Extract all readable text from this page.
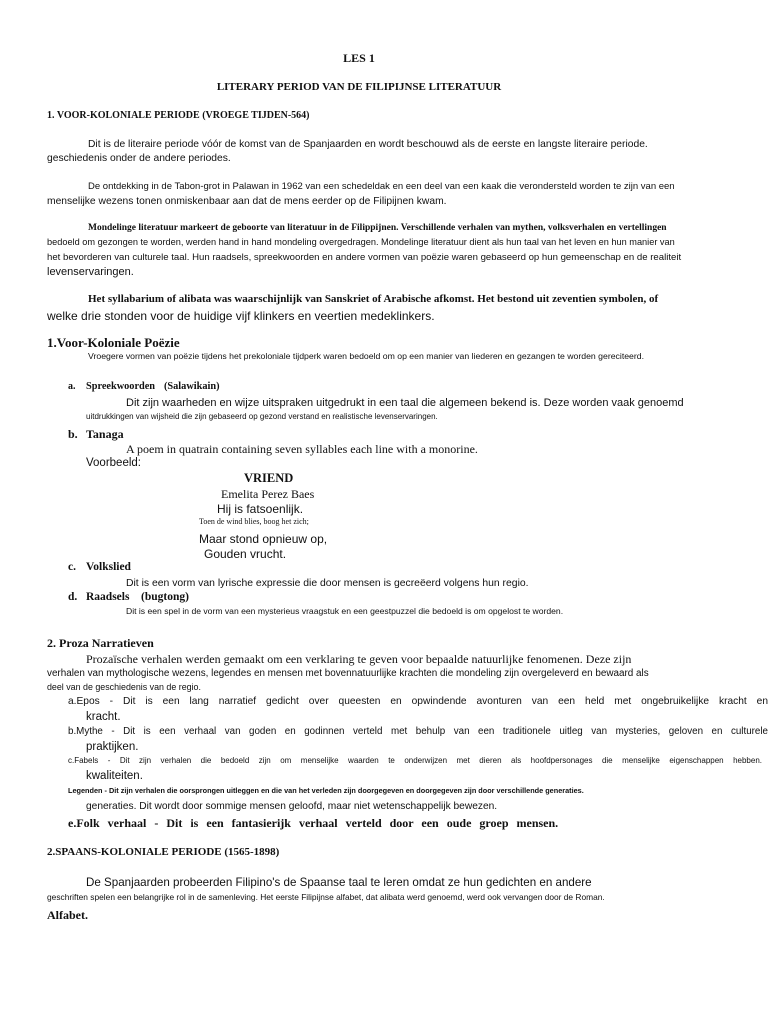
LES 1
LITERARY PERIOD VAN DE FILIPIJNSE LITERATUUR
1. VOOR-KOLONIALE PERIODE (VROEGE TIJDEN-564)
Dit is de literaire periode vóór de komst van de Spanjaarden en wordt beschouwd als de eerste en langste literaire periode.
geschiedenis onder de andere periodes.
De ontdekking in de Tabon-grot in Palawan in 1962 van een schedeldak en een deel van een kaak die verondersteld worden te zijn van een
menselijke wezens tonen onmiskenbaar aan dat de mens eerder op de Filipijnen kwam.
Mondelinge literatuur markeert de geboorte van literatuur in de Filippijnen. Verschillende verhalen van mythen, volksverhalen en vertellingen
bedoeld om gezongen te worden, werden hand in hand mondeling overgedragen. Mondelinge literatuur dient als hun taal van het leven en hun manier van
het bevorderen van culturele taal. Hun raadsels, spreekwoorden en andere vormen van poëzie waren gebaseerd op hun gemeenschap en de realiteit
levenservaringen.
Het syllabarium of alibata was waarschijnlijk van Sanskriet of Arabische afkomst. Het bestond uit zeventien symbolen, of
welke drie stonden voor de huidige vijf klinkers en veertien medeklinkers.
1.Voor-Koloniale Poëzie
Vroegere vormen van poëzie tijdens het prekoloniale tijdperk waren bedoeld om op een manier van liederen en gezangen te worden gereciteerd.
a. Spreekwoorden (Salawikain)
Dit zijn waarheden en wijze uitspraken uitgedrukt in een taal die algemeen bekend is. Deze worden vaak genoemd
uitdrukkingen van wijsheid die zijn gebaseerd op gezond verstand en realistische levenservaringen.
b. Tanaga
A poem in quatrain containing seven syllables each line with a monorine.
Voorbeeld:
VRIEND
Emelita Perez Baes
Hij is fatsoenlijk.
Toen de wind blies, boog het zich;
Maar stond opnieuw op,
Gouden vrucht.
c. Volkslied
Dit is een vorm van lyrische expressie die door mensen is gecreëerd volgens hun regio.
d. Raadsels (bugtong)
Dit is een spel in de vorm van een mysterieus vraagstuk en een geestpuzzel die bedoeld is om opgelost te worden.
2. Proza Narratieven
Prozaïsche verhalen werden gemaakt om een verklaring te geven voor bepaalde natuurlijke fenomenen. Deze zijn
verhalen van mythologische wezens, legendes en mensen met bovennatuurlijke krachten die mondeling zijn overgeleverd en bewaard als
deel van de geschiedenis van de regio.
a.Epos - Dit is een lang narratief gedicht over queesten en opwindende avonturen van een held met ongebruikelijke kracht en
kracht.
b.Mythe - Dit is een verhaal van goden en godinnen verteld met behulp van een traditionele uitleg van mysteries, geloven en culturele
praktijken.
c.Fabels - Dit zijn verhalen die bedoeld zijn om menselijke waarden te onderwijzen met dieren als hoofdpersonages die menselijke eigenschappen hebben.
kwaliteiten.
Legenden - Dit zijn verhalen die oorsprongen uitleggen en die van het verleden zijn doorgegeven en doorgegeven zijn door verschillende generaties.
generaties. Dit wordt door sommige mensen geloofd, maar niet wetenschappelijk bewezen.
e.Folk verhaal - Dit is een fantasierijk verhaal verteld door een oude groep mensen.
2.SPAANS-KOLONIALE PERIODE (1565-1898)
De Spanjaarden probeerden Filipino's de Spaanse taal te leren omdat ze hun gedichten en andere
geschriften spelen een belangrijke rol in de samenleving. Het eerste Filipijnse alfabet, dat alibata werd genoemd, werd ook vervangen door de Roman.
Alfabet.
